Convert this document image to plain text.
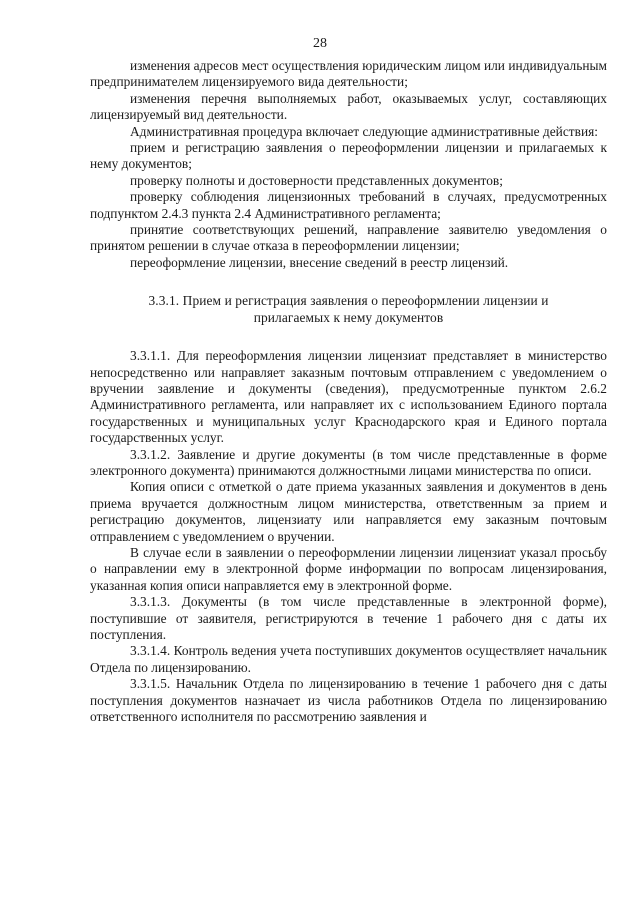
28

изменения адресов мест осуществления юридическим лицом или индивидуальным предпринимателем лицензируемого вида деятельности;

изменения перечня выполняемых работ, оказываемых услуг, составляющих лицензируемый вид деятельности.

Административная процедура включает следующие административные действия:

прием и регистрацию заявления о переоформлении лицензии и прилагаемых к нему документов;

проверку полноты и достоверности представленных документов;

проверку соблюдения лицензионных требований в случаях, предусмотренных подпунктом 2.4.3 пункта 2.4 Административного регламента;

принятие соответствующих решений, направление заявителю уведомления о принятом решении в случае отказа в переоформлении лицензии;

переоформление лицензии, внесение сведений в реестр лицензий.

3.3.1. Прием и регистрация заявления о переоформлении лицензии и прилагаемых к нему документов

3.3.1.1. Для переоформления лицензии лицензиат представляет в министерство непосредственно или направляет заказным почтовым отправлением с уведомлением о вручении заявление и документы (сведения), предусмотренные пунктом 2.6.2 Административного регламента, или направляет их с использованием Единого портала государственных и муниципальных услуг Краснодарского края и Единого портала государственных услуг.

3.3.1.2. Заявление и другие документы (в том числе представленные в форме электронного документа) принимаются должностными лицами министерства по описи.

Копия описи с отметкой о дате приема указанных заявления и документов в день приема вручается должностным лицом министерства, ответственным за прием и регистрацию документов, лицензиату или направляется ему заказным почтовым отправлением с уведомлением о вручении.

В случае если в заявлении о переоформлении лицензии лицензиат указал просьбу о направлении ему в электронной форме информации по вопросам лицензирования, указанная копия описи направляется ему в электронной форме.

3.3.1.3. Документы (в том числе представленные в электронной форме), поступившие от заявителя, регистрируются в течение 1 рабочего дня с даты их поступления.

3.3.1.4. Контроль ведения учета поступивших документов осуществляет начальник Отдела по лицензированию.

3.3.1.5. Начальник Отдела по лицензированию в течение 1 рабочего дня с даты поступления документов назначает из числа работников Отдела по лицензированию ответственного исполнителя по рассмотрению заявления и
